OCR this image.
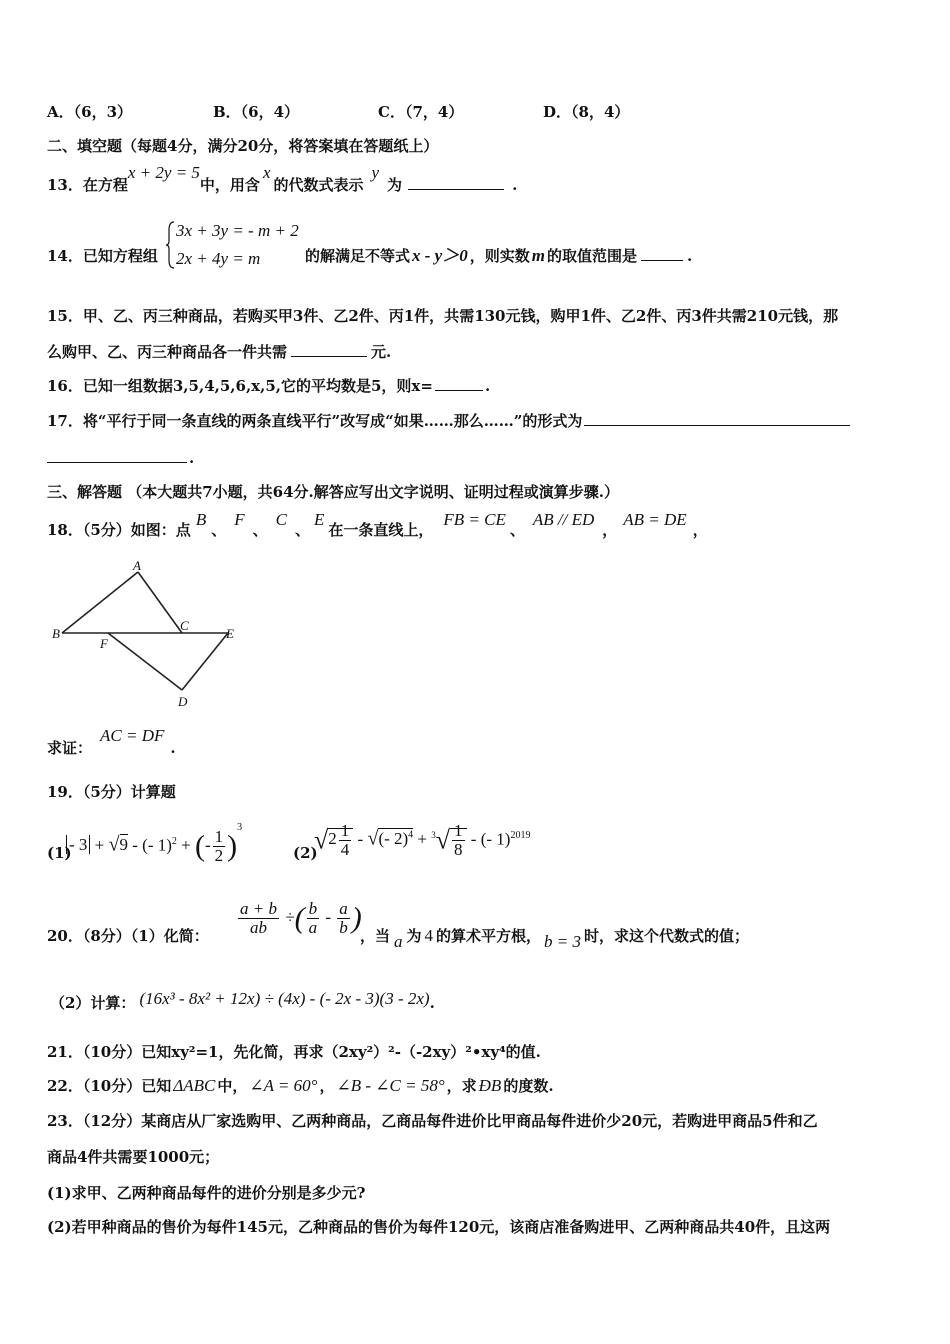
A．（6，3）	B．（6，4）	C．（7，4）	D．（8，4）
二、填空题（每题4分，满分20分，将答案填在答题纸上）
13．在方程x + 2y = 5中，用含x的代数式表示y为	.
14．已知方程组
3x + 3y = - m + 2
2x + 4y = m	的解满足不等式 x - y＞0 ，则实数 m 的取值范围是	.
15．甲、乙、丙三种商品，若购买甲3件、乙2件、丙1件，共需130元钱，购甲1件、乙2件、丙3件共需210元钱，那
么购甲、乙、丙三种商品各一件共需	元.
16．已知一组数据3,5,4,5,6,x,5,它的平均数是5，则x=	.
17．将“平行于同一条直线的两条直线平行”改写成“如果……那么……”的形式为
.
三、解答题 （本大题共7小题，共64分.解答应写出文字说明、证明过程或演算步骤.）
18．（5分）如图：点B、F、C、E在一条直线上，FB = CE、AB // ED，AB = DE，
A
B
C
D
E
F
求证：AC = DF.
19．（5分）计算题
(1)
- 3 + √9 - (- 1)$^2$ + (- $\frac{1}{2} )^3$
(2)
$√2 \frac{1}{4}$ - √(- $2)^4 + ^3√ \frac{1}{8}$ - (- 1)$^{2019}$
20．（8分）（1）化简： $\frac{a + b}{ab}$ ÷( $\frac{b}{a} - \frac{a}{b}$ )
，当 a 为 4 的算术平方根， b = 3 时，求这个代数式的值；
（2）计算： (16x³ - 8x² + 12x) ÷ (4x) - (- 2x - 3)(3 - 2x).
21．（10分）已知xy²=1，先化简，再求（2xy²）²-（-2xy）²•xy⁴的值.
22．（10分）已知 ΔABC 中， ∠A = 60° ， ∠B - ∠C = 58° ，求 ÐB 的度数.
23．（12分）某商店从厂家选购甲、乙两种商品，乙商品每件进价比甲商品每件进价少20元，若购进甲商品5件和乙
商品4件共需要1000元；
(1)求甲、乙两种商品每件的进价分别是多少元?
(2)若甲种商品的售价为每件145元，乙种商品的售价为每件120元，该商店准备购进甲、乙两种商品共40件，且这两
